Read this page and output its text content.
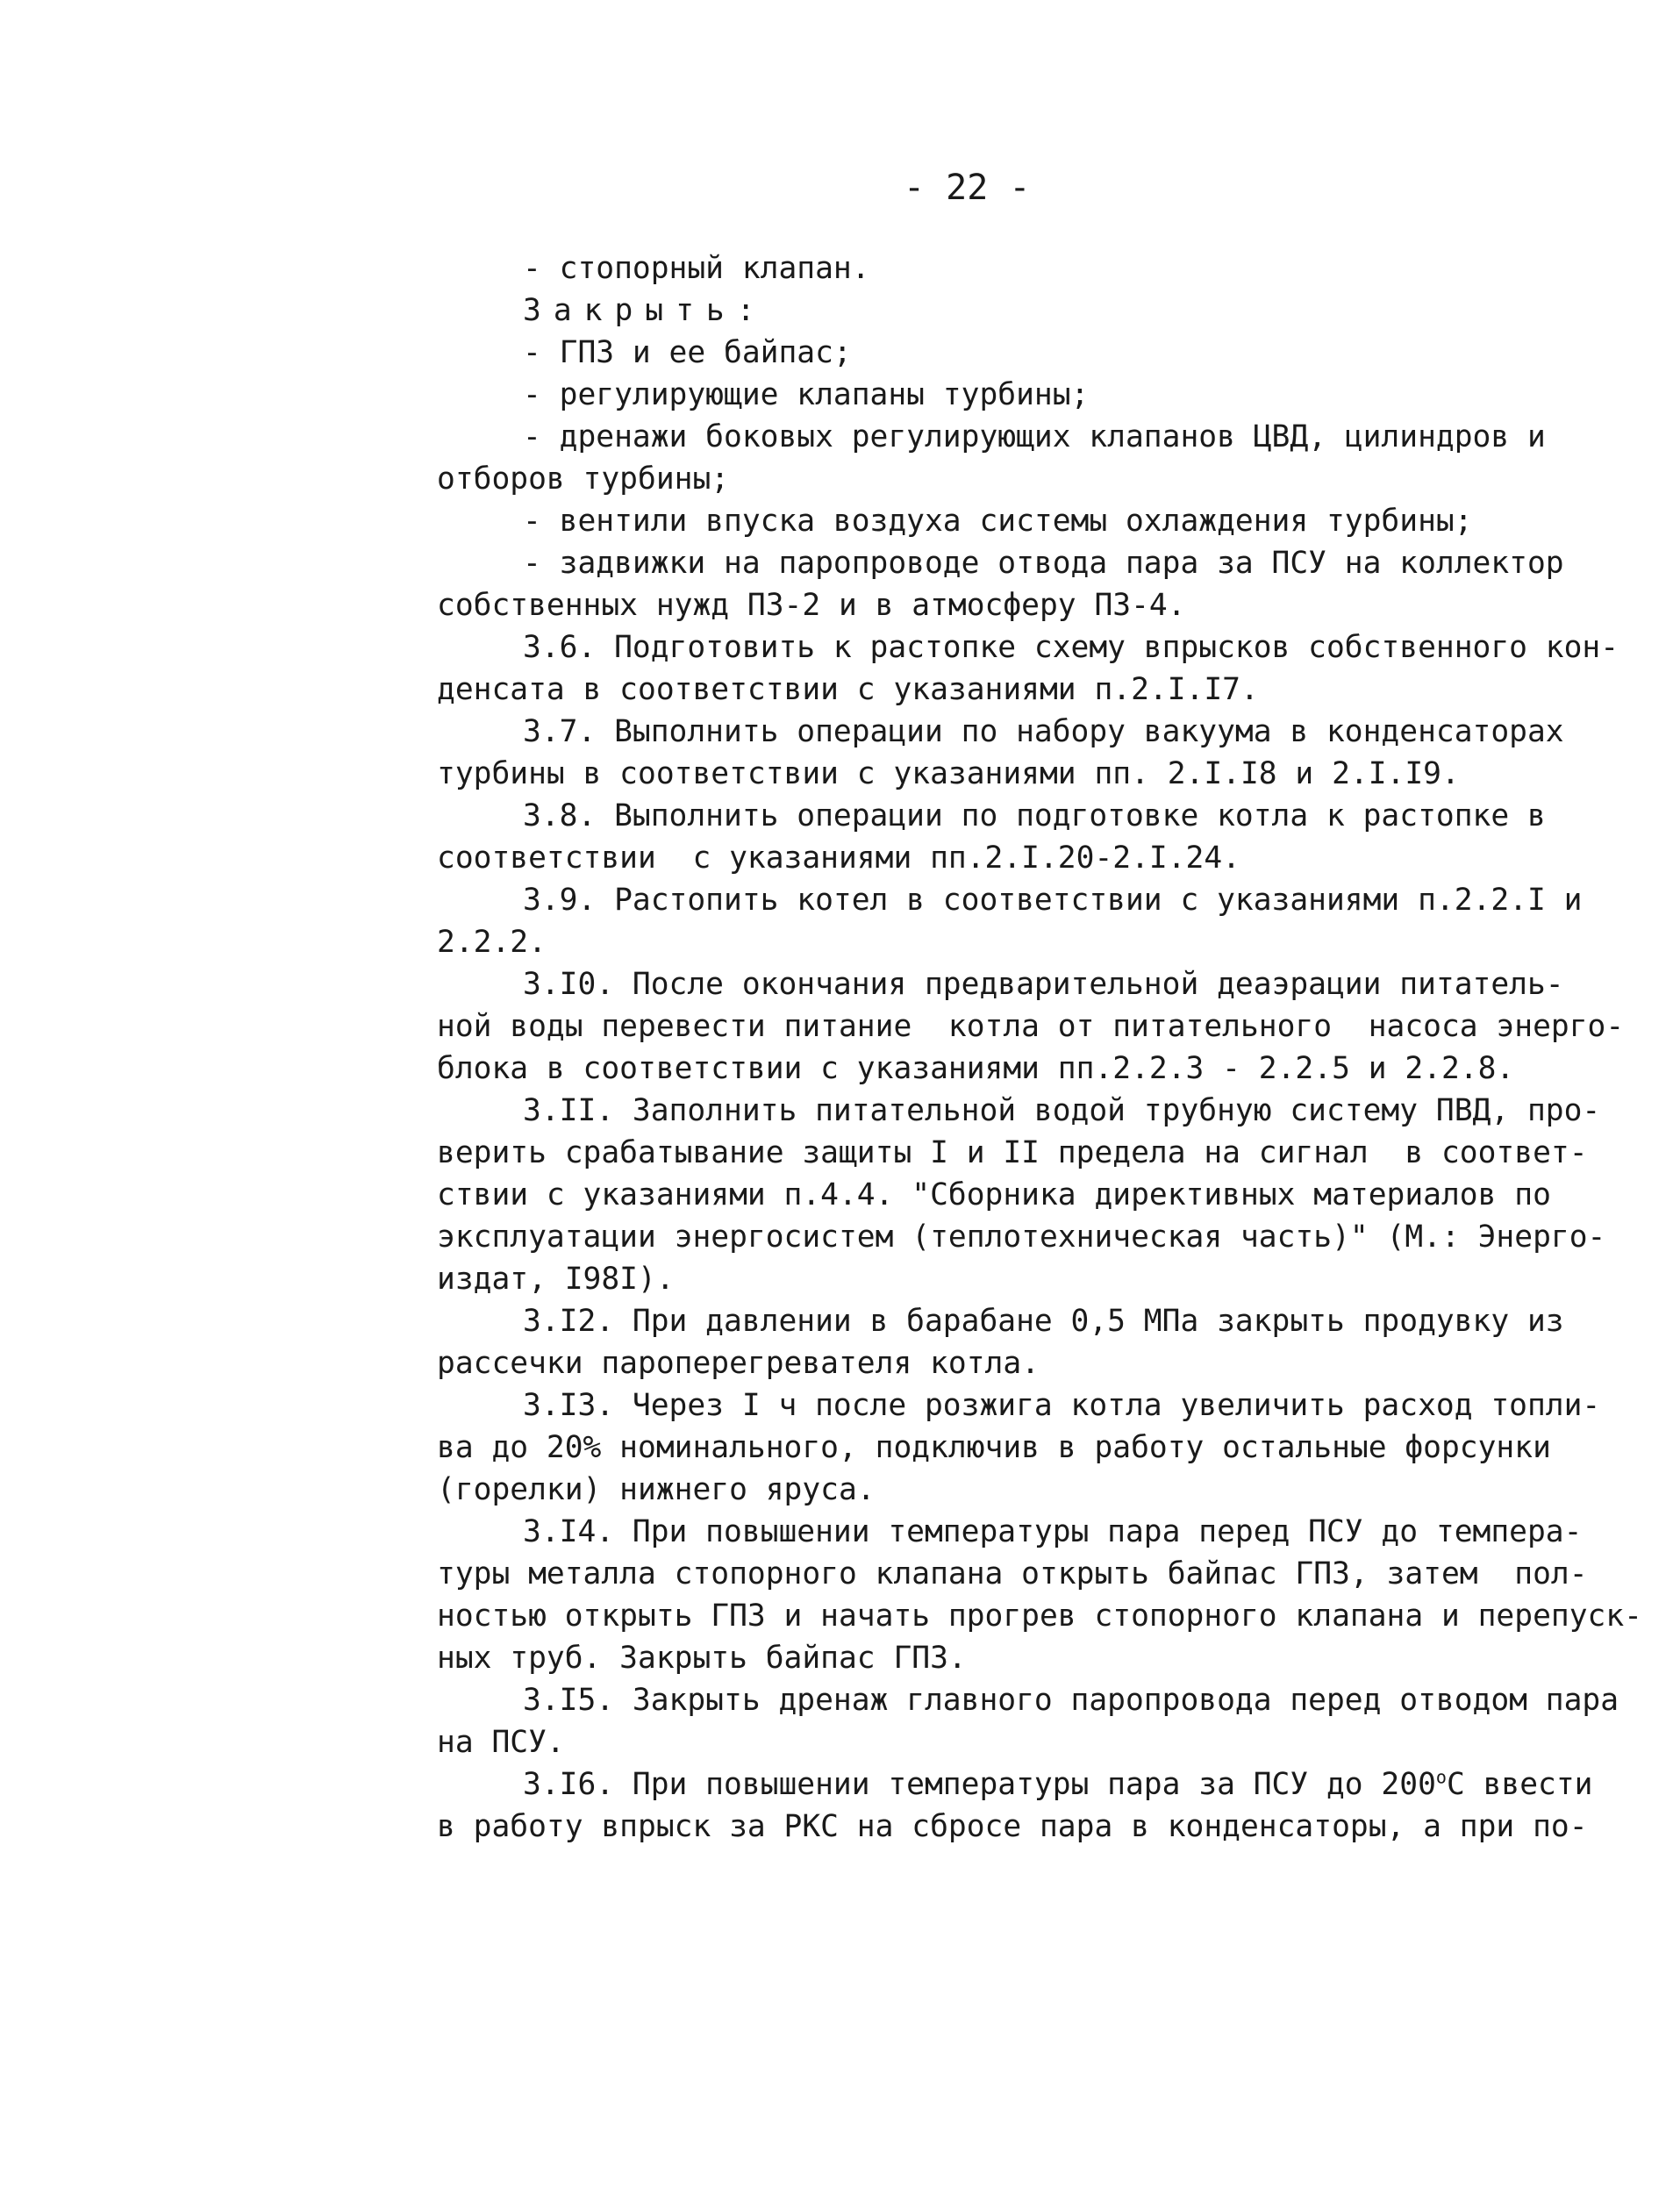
- 22 -
- стопорный клапан.
Закрыть:
- ГПЗ и ее байпас;
- регулирующие клапаны турбины;
- дренажи боковых регулирующих клапанов ЦВД, цилиндров и
отборов турбины;
- вентили впуска воздуха системы охлаждения турбины;
- задвижки на паропроводе отвода пара за ПСУ на коллектор
собственных нужд ПЗ-2 и в атмосферу ПЗ-4.
3.6. Подготовить к растопке схему впрысков собственного кон-
денсата в соответствии с указаниями п.2.I.I7.
3.7. Выполнить операции по набору вакуума в конденсаторах
турбины в соответствии с указаниями пп. 2.I.I8 и 2.I.I9.
3.8. Выполнить операции по подготовке котла к растопке в
соответствии  с указаниями пп.2.I.20-2.I.24.
3.9. Растопить котел в соответствии с указаниями п.2.2.I и
2.2.2.
3.I0. После окончания предварительной деаэрации питатель-
ной воды перевести питание  котла от питательного  насоса энерго-
блока в соответствии с указаниями пп.2.2.3 - 2.2.5 и 2.2.8.
3.II. Заполнить питательной водой трубную систему ПВД, про-
верить срабатывание защиты I и II предела на сигнал  в соответ-
ствии с указаниями п.4.4. "Сборника директивных материалов по
эксплуатации энергосистем (теплотехническая часть)" (М.: Энерго-
издат, I98I).
3.I2. При давлении в барабане 0,5 МПа закрыть продувку из
рассечки пароперегревателя котла.
3.I3. Через I ч после розжига котла увеличить расход топли-
ва до 20% номинального, подключив в работу остальные форсунки
(горелки) нижнего яруса.
3.I4. При повышении температуры пара перед ПСУ до темпера-
туры металла стопорного клапана открыть байпас ГПЗ, затем  пол-
ностью открыть ГПЗ и начать прогрев стопорного клапана и перепуск-
ных труб. Закрыть байпас ГПЗ.
3.I5. Закрыть дренаж главного паропровода перед отводом пара
на ПСУ.
3.I6. При повышении температуры пара за ПСУ до $200^оС$ ввести
в работу впрыск за РКС на сбросе пара в конденсаторы, а при по-
